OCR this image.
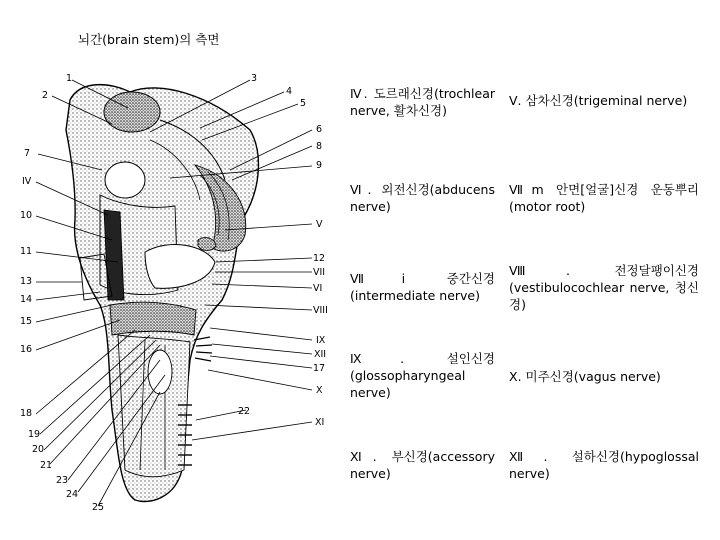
뇌간(brain stem)의 측면
1
2
7
IV
10
11
13
14
15
16
18
19
20
21
23
24
25
3
4
5
6
8
9
V
12
VII
VI
VIII
IX
XII
17
X
22
XI
Ⅳ. 도르래신경(trochlear nerve, 활차신경)
Ⅴ. 삼차신경(trigeminal nerve)
Ⅵ. 외전신경(abducens nerve)
Ⅶm 안면[얼굴]신경 운동뿌리(motor root)
Ⅶi 중간신경(intermediate nerve)
Ⅷ. 전정달팽이신경(vestibulocochlear nerve, 청신경)
Ⅸ. 설인신경(glossopharyngeal nerve)
Ⅹ. 미주신경(vagus nerve)
Ⅺ. 부신경(accessory nerve)
Ⅻ. 설하신경(hypoglossal nerve)
